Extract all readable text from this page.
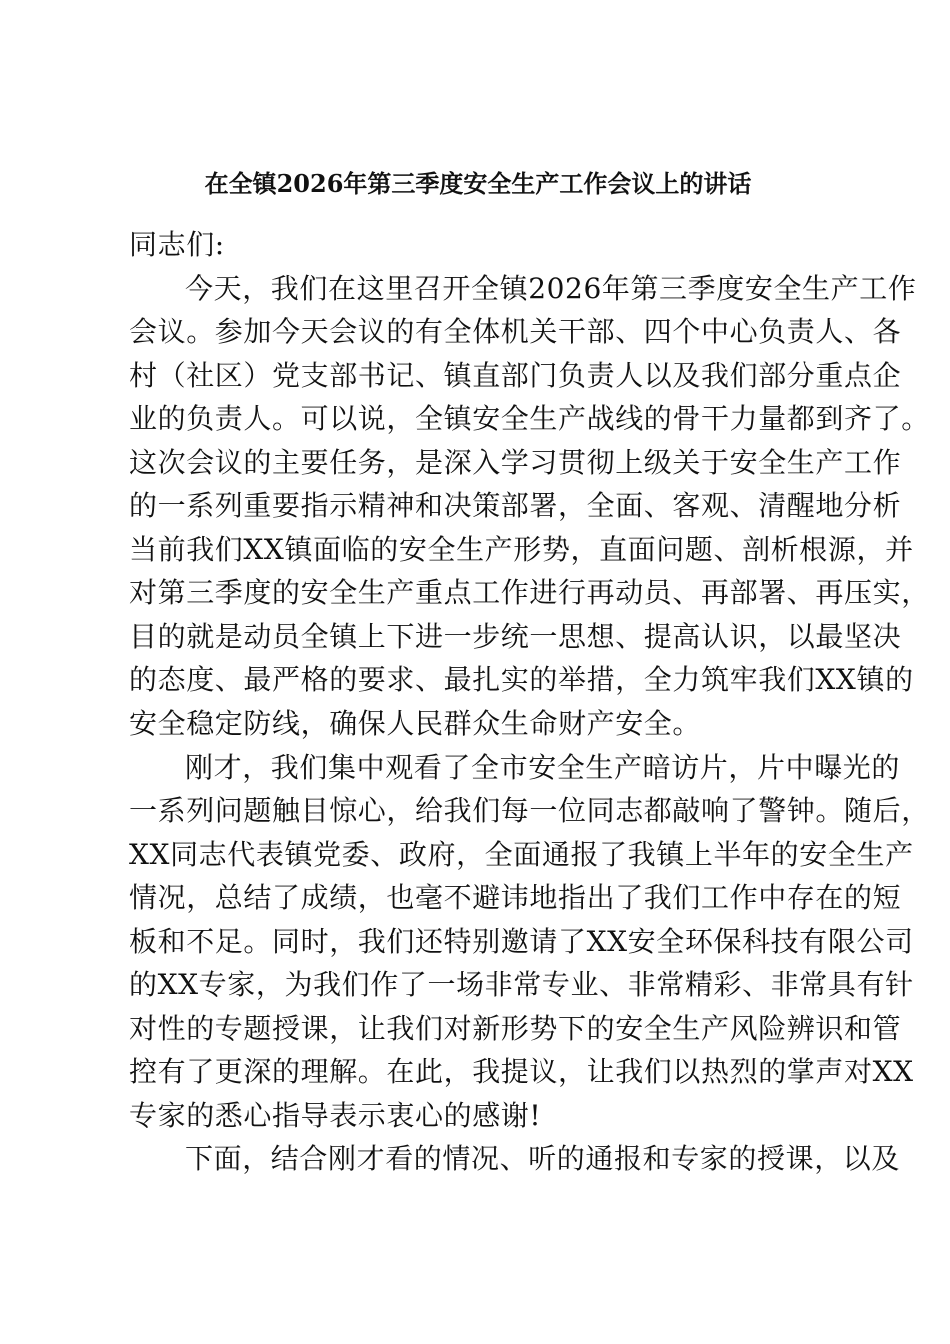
在全镇2026年第三季度安全生产工作会议上的讲话
同志们:
今天，我们在这里召开全镇2026年第三季度安全生产工作
会议。参加今天会议的有全体机关干部、四个中心负责人、各
村（社区）党支部书记、镇直部门负责人以及我们部分重点企
业的负责人。可以说，全镇安全生产战线的骨干力量都到齐了。
这次会议的主要任务，是深入学习贯彻上级关于安全生产工作
的一系列重要指示精神和决策部署，全面、客观、清醒地分析
当前我们XX镇面临的安全生产形势，直面问题、剖析根源，并
对第三季度的安全生产重点工作进行再动员、再部署、再压实，
目的就是动员全镇上下进一步统一思想、提高认识，以最坚决
的态度、最严格的要求、最扎实的举措，全力筑牢我们XX镇的
安全稳定防线，确保人民群众生命财产安全。
刚才，我们集中观看了全市安全生产暗访片，片中曝光的
一系列问题触目惊心，给我们每一位同志都敲响了警钟。随后，
XX同志代表镇党委、政府，全面通报了我镇上半年的安全生产
情况，总结了成绩，也毫不避讳地指出了我们工作中存在的短
板和不足。同时，我们还特别邀请了XX安全环保科技有限公司
的XX专家，为我们作了一场非常专业、非常精彩、非常具有针
对性的专题授课，让我们对新形势下的安全生产风险辨识和管
控有了更深的理解。在此，我提议，让我们以热烈的掌声对XX
专家的悉心指导表示衷心的感谢!
下面，结合刚才看的情况、听的通报和专家的授课，以及
